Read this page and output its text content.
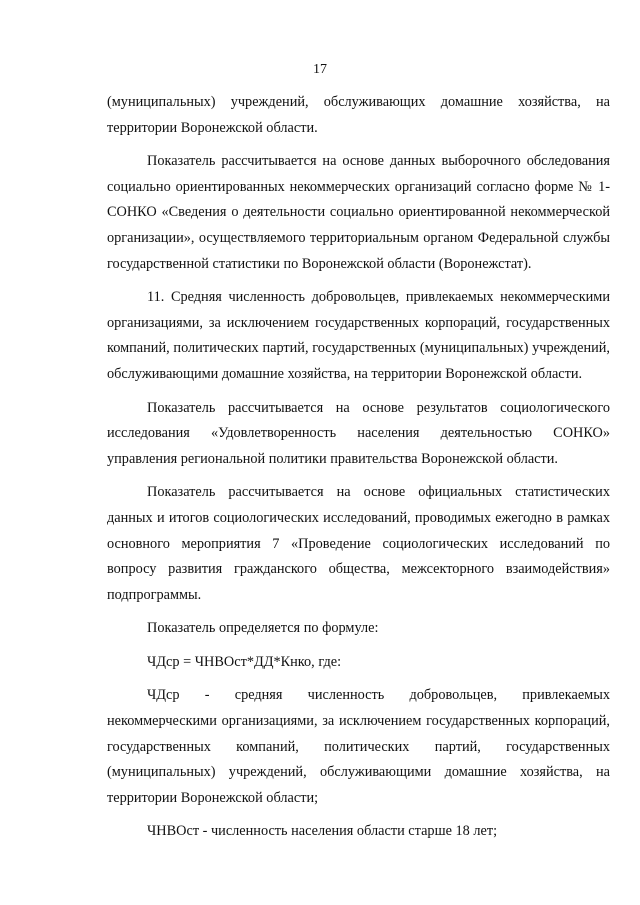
17

(муниципальных) учреждений, обслуживающих домашние хозяйства, на территории Воронежской области.

Показатель рассчитывается на основе данных выборочного обследования социально ориентированных некоммерческих организаций согласно форме № 1-СОНКО «Сведения о деятельности социально ориентированной некоммерческой организации», осуществляемого территориальным органом Федеральной службы государственной статистики по Воронежской области (Воронежстат).

11. Средняя численность добровольцев, привлекаемых некоммерческими организациями, за исключением государственных корпораций, государственных компаний, политических партий, государственных (муниципальных) учреждений, обслуживающими домашние хозяйства, на территории Воронежской области.

Показатель рассчитывается на основе результатов социологического исследования «Удовлетворенность населения деятельностью СОНКО» управления региональной политики правительства Воронежской области.

Показатель рассчитывается на основе официальных статистических данных и итогов социологических исследований, проводимых ежегодно в рамках основного мероприятия 7 «Проведение социологических исследований по вопросу развития гражданского общества, межсекторного взаимодействия» подпрограммы.

Показатель определяется по формуле:

ЧДср = ЧНВОст*ДД*Кнко, где:

ЧДср - средняя численность добровольцев, привлекаемых некоммерческими организациями, за исключением государственных корпораций, государственных компаний, политических партий, государственных (муниципальных) учреждений, обслуживающими домашние хозяйства, на территории Воронежской области;

ЧНВОст - численность населения области старше 18 лет;
